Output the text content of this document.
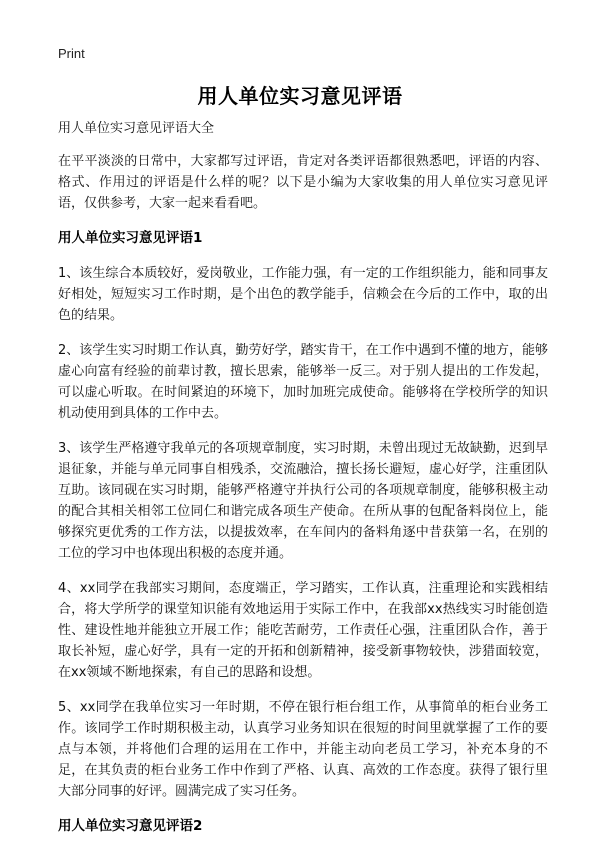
Print
用人单位实习意见评语

用人单位实习意见评语大全

在平平淡淡的日常中，大家都写过评语，肯定对各类评语都很熟悉吧，评语的内容、格式、作用过的评语是什么样的呢？以下是小编为大家收集的用人单位实习意见评语，仅供参考，大家一起来看看吧。

用人单位实习意见评语1

1、该生综合本质较好，爱岗敬业，工作能力强，有一定的工作组织能力，能和同事友好相处，短短实习工作时期，是个出色的教学能手，信赖会在今后的工作中，取的出色的结果。

2、该学生实习时期工作认真，勤劳好学，踏实肯干，在工作中遇到不懂的地方，能够虚心向富有经验的前辈讨教，擅长思索，能够举一反三。对于别人提出的工作发起，可以虚心听取。在时间紧迫的环境下，加时加班完成使命。能够将在学校所学的知识机动使用到具体的工作中去。

3、该学生严格遵守我单元的各项规章制度，实习时期，未曾出现过无故缺勤，迟到早退征象，并能与单元同事自相残杀，交流融洽，擅长扬长避短，虚心好学，注重团队互助。该同砚在实习时期，能够严格遵守并执行公司的各项规章制度，能够积极主动的配合其相关相邻工位同仁和谐完成各项生产使命。在所从事的包配备料岗位上，能够探究更优秀的工作方法，以提拔效率，在车间内的备料角逐中昔获第一名，在别的工位的学习中也体现出积极的态度并通。

4、xx同学在我部实习期间，态度端正，学习踏实，工作认真，注重理论和实践相结合，将大学所学的课堂知识能有效地运用于实际工作中，在我部xx热线实习时能创造性、建设性地并能独立开展工作；能吃苦耐劳，工作责任心强，注重团队合作，善于取长补短，虚心好学，具有一定的开拓和创新精神，接受新事物较快，涉猎面较宽，在xx领域不断地探索，有自己的思路和设想。

5、xx同学在我单位实习一年时期，不停在银行柜台组工作，从事简单的柜台业务工作。该同学工作时期积极主动，认真学习业务知识在很短的时间里就掌握了工作的要点与本领，并将他们合理的运用在工作中，并能主动向老员工学习，补充本身的不足，在其负责的柜台业务工作中作到了严格、认真、高效的工作态度。获得了银行里大部分同事的好评。圆满完成了实习任务。

用人单位实习意见评语2
